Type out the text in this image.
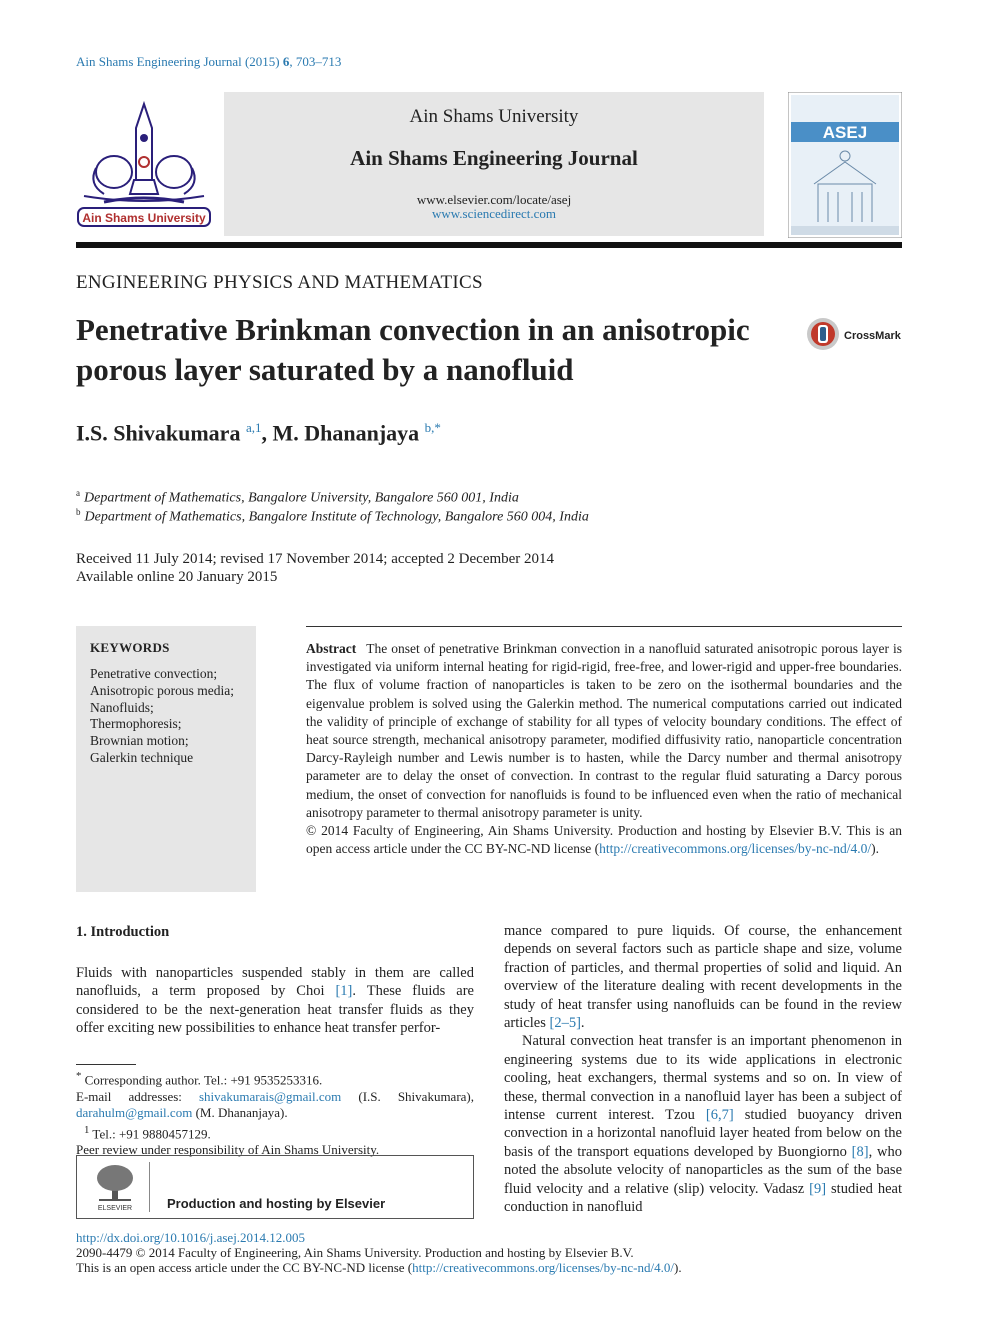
Ain Shams Engineering Journal (2015) 6, 703–713
Ain Shams University
Ain Shams University
Ain Shams Engineering Journal
www.elsevier.com/locate/asej
www.sciencedirect.com
ASEJ
ENGINEERING PHYSICS AND MATHEMATICS
Penetrative Brinkman convection in an anisotropic porous layer saturated by a nanofluid
CrossMark
I.S. Shivakumara $^{a,1}$, M. Dhananjaya $^{b,*}$
$^a$ Department of Mathematics, Bangalore University, Bangalore 560 001, India
$^b$ Department of Mathematics, Bangalore Institute of Technology, Bangalore 560 004, India
Received 11 July 2014; revised 17 November 2014; accepted 2 December 2014
Available online 20 January 2015
KEYWORDS
Penetrative convection;
Anisotropic porous media;
Nanofluids;
Thermophoresis;
Brownian motion;
Galerkin technique

Abstract The onset of penetrative Brinkman convection in a nanofluid saturated anisotropic porous layer is investigated via uniform internal heating for rigid-rigid, free-free, and lower-rigid and upper-free boundaries. The flux of volume fraction of nanoparticles is taken to be zero on the isothermal boundaries and the eigenvalue problem is solved using the Galerkin method. The numerical computations carried out indicated the validity of principle of exchange of stability for all types of velocity boundary conditions. The effect of heat source strength, mechanical anisotropy parameter, modified diffusivity ratio, nanoparticle concentration Darcy-Rayleigh number and Lewis number is to hasten, while the Darcy number and thermal anisotropy parameter are to delay the onset of convection. In contrast to the regular fluid saturating a Darcy porous medium, the onset of convection for nanofluids is found to be influenced even when the ratio of mechanical anisotropy parameter to thermal anisotropy parameter is unity.

© 2014 Faculty of Engineering, Ain Shams University. Production and hosting by Elsevier B.V. This is an open access article under the CC BY-NC-ND license (http://creativecommons.org/licenses/by-nc-nd/4.0/).

1. Introduction

Fluids with nanoparticles suspended stably in them are called nanofluids, a term proposed by Choi [1]. These fluids are considered to be the next-generation heat transfer fluids as they offer exciting new possibilities to enhance heat transfer perfor-

* Corresponding author. Tel.: +91 9535253316.
E-mail addresses: shivakumarais@gmail.com (I.S. Shivakumara), darahulm@gmail.com (M. Dhananjaya).
$^1$ Tel.: +91 9880457129.
Peer review under responsibility of Ain Shams University.
ELSEVIER	Production and hosting by Elsevier

mance compared to pure liquids. Of course, the enhancement depends on several factors such as particle shape and size, volume fraction of particles, and thermal properties of solid and liquid. An overview of the literature dealing with recent developments in the study of heat transfer using nanofluids can be found in the review articles [2–5].

Natural convection heat transfer is an important phenomenon in engineering systems due to its wide applications in electronic cooling, heat exchangers, thermal systems and so on. In view of these, thermal convection in a nanofluid layer has been a subject of intense current interest. Tzou [6,7] studied buoyancy driven convection in a horizontal nanofluid layer heated from below on the basis of the transport equations developed by Buongiorno [8], who noted the absolute velocity of nanoparticles as the sum of the base fluid velocity and a relative (slip) velocity. Vadasz [9] studied heat conduction in nanofluid

http://dx.doi.org/10.1016/j.asej.2014.12.005
2090-4479 © 2014 Faculty of Engineering, Ain Shams University. Production and hosting by Elsevier B.V.
This is an open access article under the CC BY-NC-ND license (http://creativecommons.org/licenses/by-nc-nd/4.0/).
